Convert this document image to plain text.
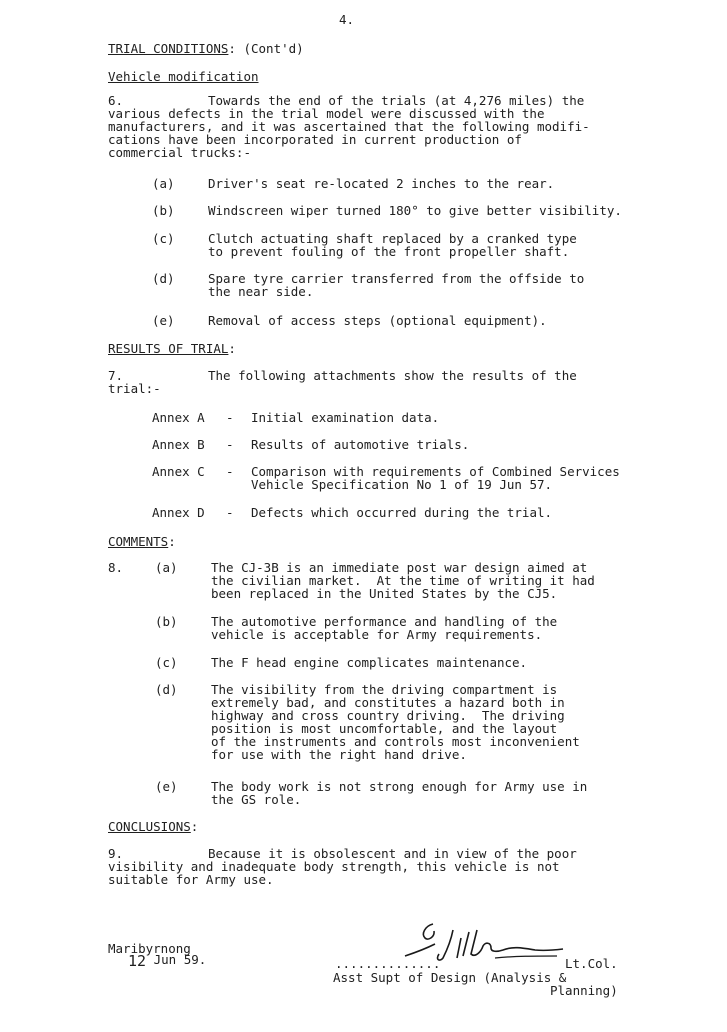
4.
TRIAL CONDITIONS: (Cont'd)
Vehicle modification
6.	Towards the end of the trials (at 4,276 miles) the
various defects in the trial model were discussed with the
manufacturers, and it was ascertained that the following modifi-
cations have been incorporated in current production of
commercial trucks:-
(a)	Driver's seat re-located 2 inches to the rear.
(b)	Windscreen wiper turned 180° to give better visibility.
(c)	Clutch actuating shaft replaced by a cranked type
to prevent fouling of the front propeller shaft.
(d)	Spare tyre carrier transferred from the offside to
the near side.
(e)	Removal of access steps (optional equipment).
RESULTS OF TRIAL:
7.	The following attachments show the results of the
trial:-
Annex A - Initial examination data.
Annex B - Results of automotive trials.
Annex C - Comparison with requirements of Combined Services
Vehicle Specification No 1 of 19 Jun 57.
Annex D - Defects which occurred during the trial.
COMMENTS:
8.	(a)	The CJ-3B is an immediate post war design aimed at
the civilian market.  At the time of writing it had
been replaced in the United States by the CJ5.
(b)	The automotive performance and handling of the
vehicle is acceptable for Army requirements.
(c)	The F head engine complicates maintenance.
(d)	The visibility from the driving compartment is
extremely bad, and constitutes a hazard both in
highway and cross country driving.  The driving
position is most uncomfortable, and the layout
of the instruments and controls most inconvenient
for use with the right hand drive.
(e)	The body work is not strong enough for Army use in
the GS role.
CONCLUSIONS:
9.	Because it is obsolescent and in view of the poor
visibility and inadequate body strength, this vehicle is not
suitable for Army use.
Maribyrnong
12 Jun 59.	..............	Lt.Col.
Asst Supt of Design (Analysis &
Planning)
